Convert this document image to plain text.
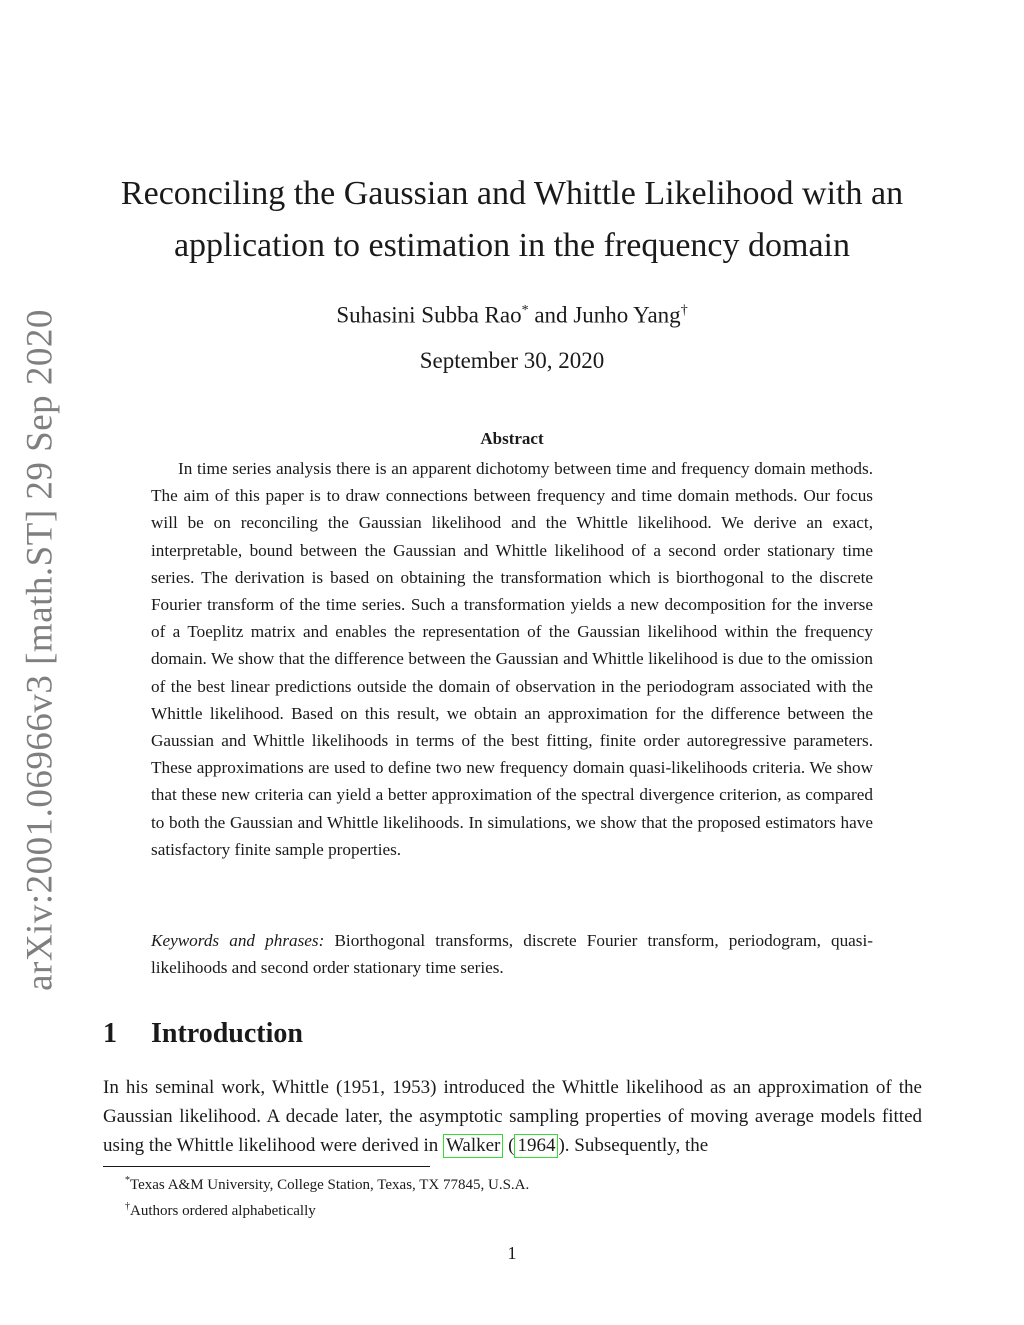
arXiv:2001.06966v3 [math.ST] 29 Sep 2020
Reconciling the Gaussian and Whittle Likelihood with an
application to estimation in the frequency domain
Suhasini Subba Rao* and Junho Yang†
September 30, 2020
Abstract

In time series analysis there is an apparent dichotomy between time and frequency domain methods. The aim of this paper is to draw connections between frequency and time domain methods. Our focus will be on reconciling the Gaussian likelihood and the Whittle likelihood. We derive an exact, interpretable, bound between the Gaussian and Whittle likelihood of a second order stationary time series. The derivation is based on obtaining the transformation which is biorthogonal to the discrete Fourier transform of the time series. Such a transformation yields a new decomposition for the inverse of a Toeplitz matrix and enables the representation of the Gaussian likelihood within the frequency domain. We show that the difference between the Gaussian and Whittle likelihood is due to the omission of the best linear predictions outside the domain of observation in the periodogram associated with the Whittle likelihood. Based on this result, we obtain an approximation for the difference between the Gaussian and Whittle likelihoods in terms of the best fitting, finite order autoregressive parameters. These approximations are used to define two new frequency domain quasi-likelihoods criteria. We show that these new criteria can yield a better approximation of the spectral divergence criterion, as compared to both the Gaussian and Whittle likelihoods. In simulations, we show that the proposed estimators have satisfactory finite sample properties.

Keywords and phrases: Biorthogonal transforms, discrete Fourier transform, periodogram, quasi-likelihoods and second order stationary time series.

1 Introduction

In his seminal work, Whittle (1951, 1953) introduced the Whittle likelihood as an approximation of the Gaussian likelihood. A decade later, the asymptotic sampling properties of moving average models fitted using the Whittle likelihood were derived in Walker ( 1964 ). Subsequently, the

*Texas A&M University, College Station, Texas, TX 77845, U.S.A.
†Authors ordered alphabetically
1
